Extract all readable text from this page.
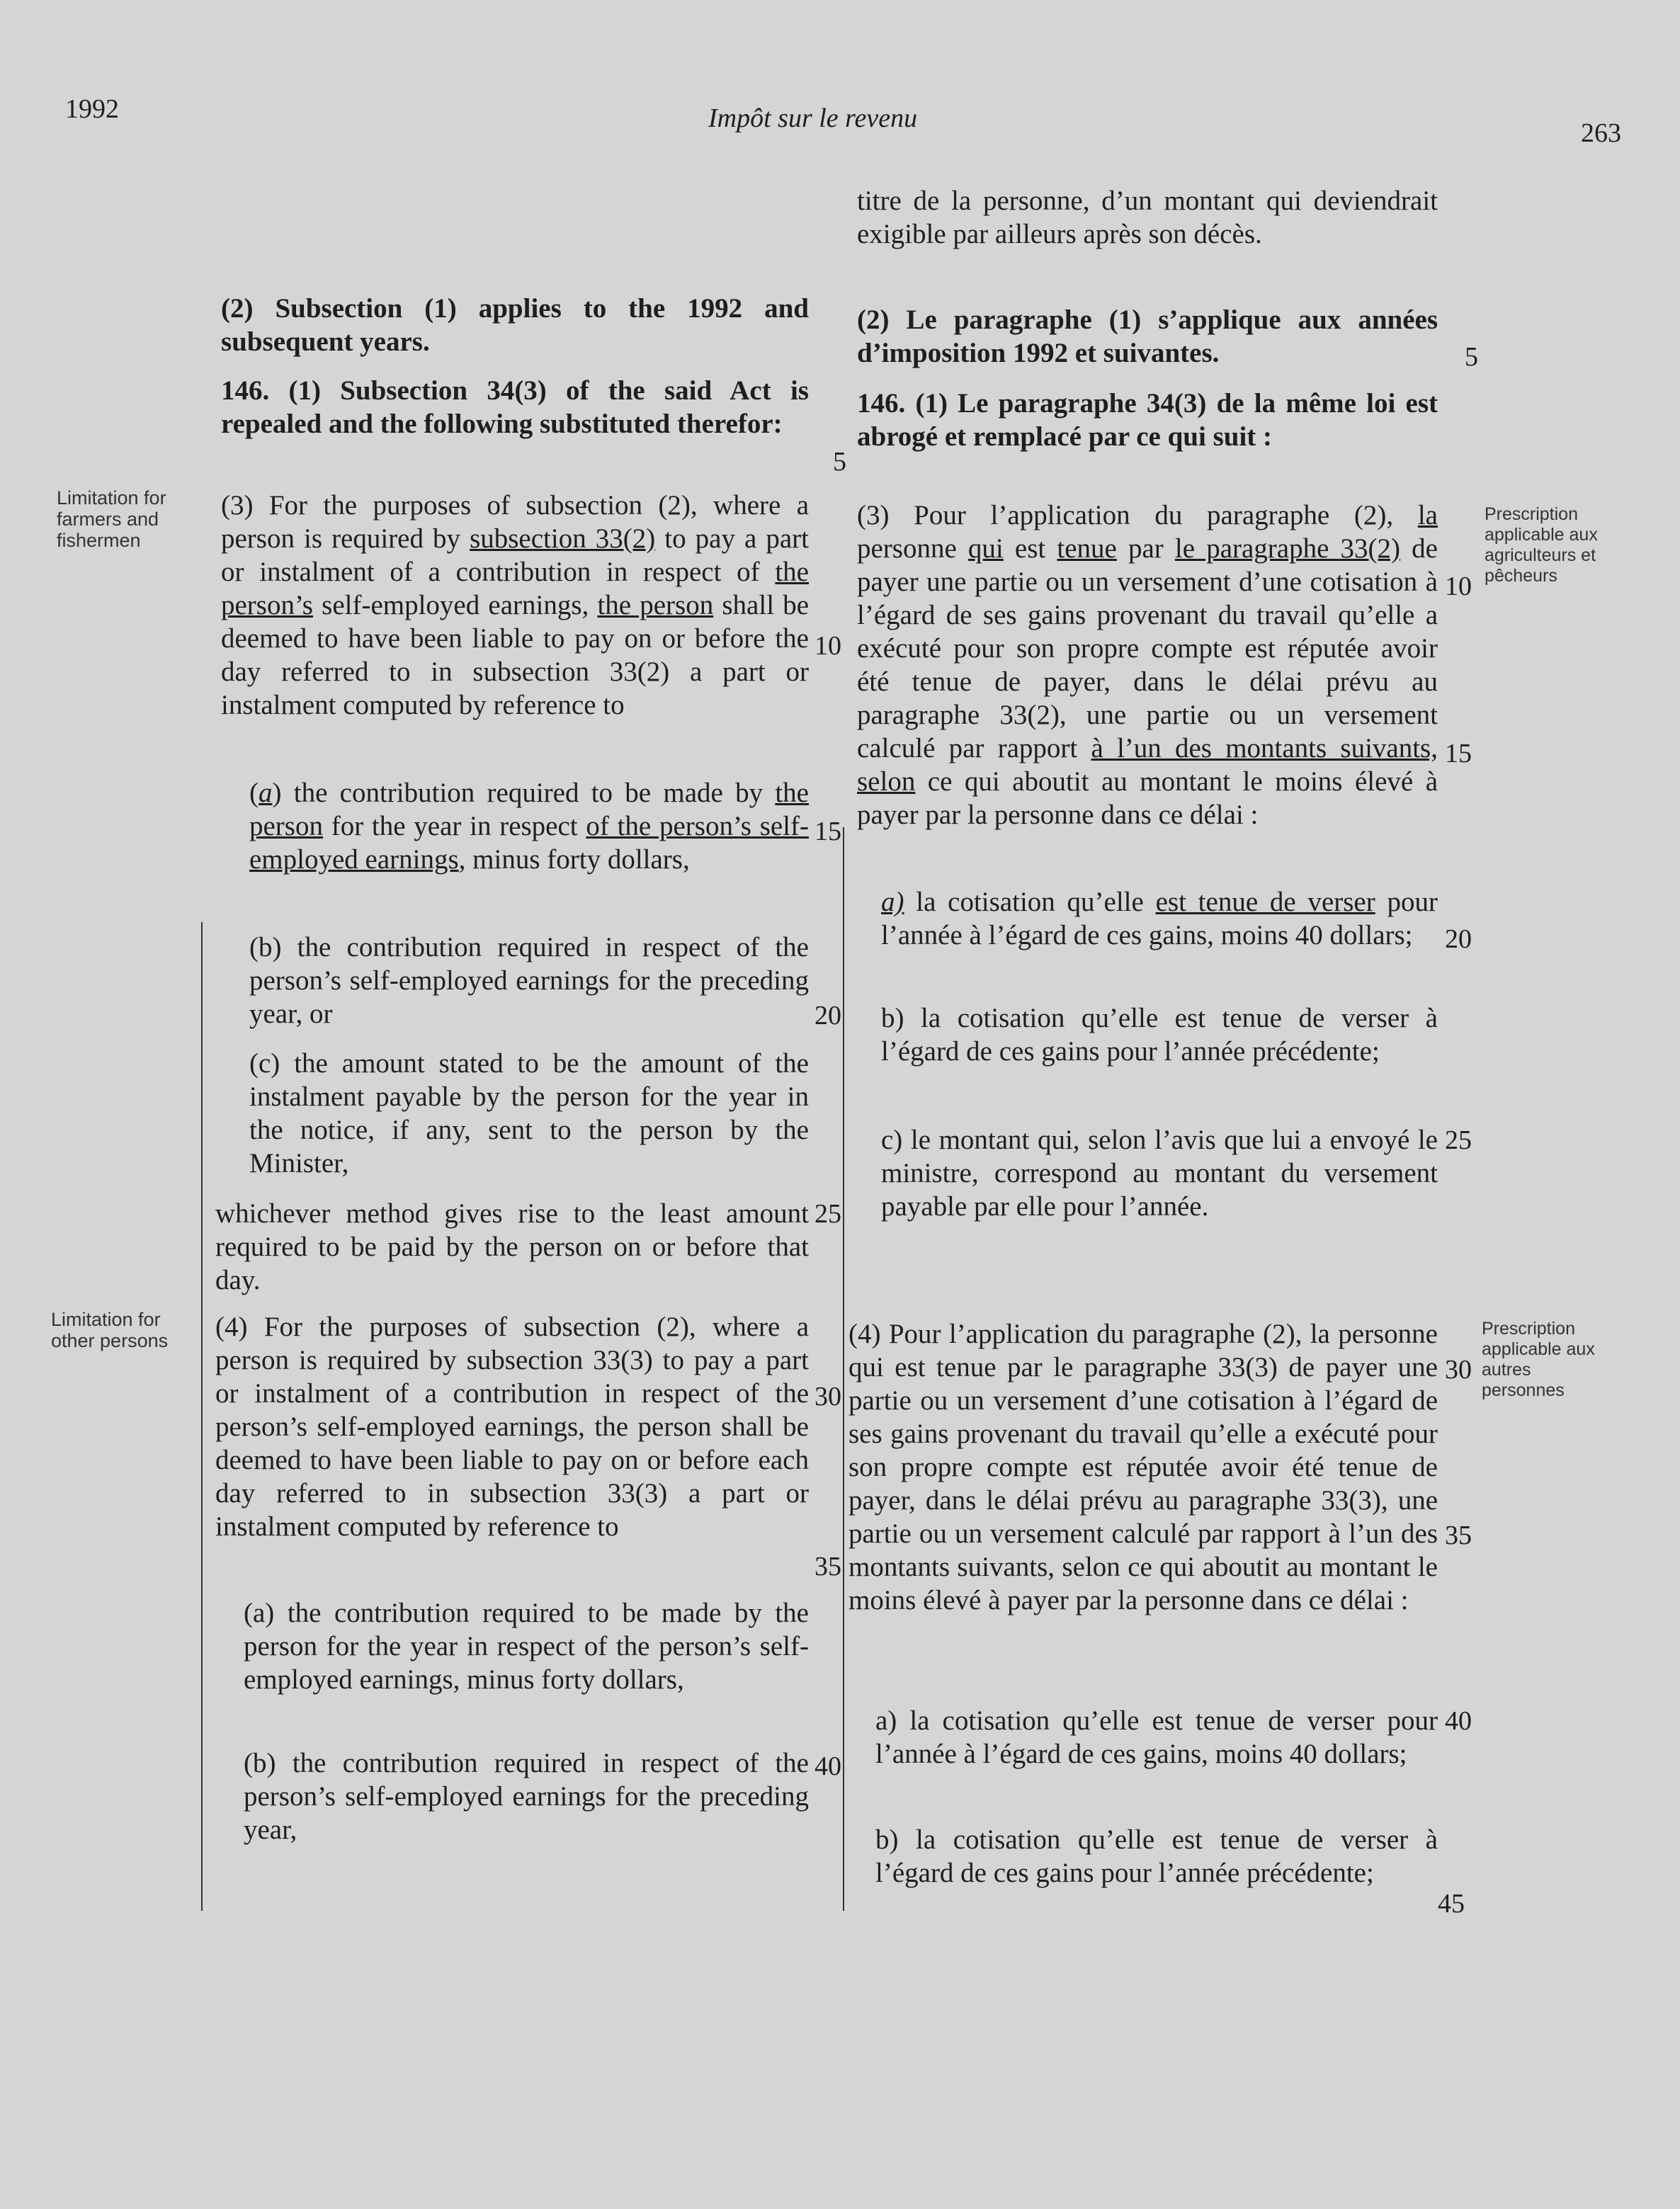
1992	Impôt sur le revenu	263
Limitation for
farmers and
fishermen
Limitation for
other persons
Prescription
applicable aux
agriculteurs et
pêcheurs
Prescription
applicable aux
autres
personnes
(2) Subsection (1) applies to the 1992 and subsequent years.
146. (1) Subsection 34(3) of the said Act is repealed and the following substituted therefor:
(3) For the purposes of subsection (2), where a person is required by subsection 33(2) to pay a part or instalment of a contribution in respect of the person’s self-employed earnings, the person shall be deemed to have been liable to pay on or before the day referred to in subsection 33(2) a part or instalment computed by reference to
(a) the contribution required to be made by the person for the year in respect of the person’s self-employed earnings, minus forty dollars,
(b) the contribution required in respect of the person’s self-employed earnings for the preceding year, or
(c) the amount stated to be the amount of the instalment payable by the person for the year in the notice, if any, sent to the person by the Minister,
whichever method gives rise to the least amount required to be paid by the person on or before that day.
(4) For the purposes of subsection (2), where a person is required by subsection 33(3) to pay a part or instalment of a contribution in respect of the person’s self-employed earnings, the person shall be deemed to have been liable to pay on or before each day referred to in subsection 33(3) a part or instalment computed by reference to
(a) the contribution required to be made by the person for the year in respect of the person’s self-employed earnings, minus forty dollars,
(b) the contribution required in respect of the person’s self-employed earnings for the preceding year,
5
10
15
20
25
30
35
40
titre de la personne, d’un montant qui deviendrait exigible par ailleurs après son décès.
(2) Le paragraphe (1) s’applique aux années d’imposition 1992 et suivantes.
146. (1) Le paragraphe 34(3) de la même loi est abrogé et remplacé par ce qui suit :
(3) Pour l’application du paragraphe (2), la personne qui est tenue par le paragraphe 33(2) de payer une partie ou un versement d’une cotisation à l’égard de ses gains provenant du travail qu’elle a exécuté pour son propre compte est réputée avoir été tenue de payer, dans le délai prévu au paragraphe 33(2), une partie ou un versement calculé par rapport à l’un des montants suivants, selon ce qui aboutit au montant le moins élevé à payer par la personne dans ce délai :
a) la cotisation qu’elle est tenue de verser pour l’année à l’égard de ces gains, moins 40 dollars;
b) la cotisation qu’elle est tenue de verser à l’égard de ces gains pour l’année précédente;
c) le montant qui, selon l’avis que lui a envoyé le ministre, correspond au montant du versement payable par elle pour l’année.
(4) Pour l’application du paragraphe (2), la personne qui est tenue par le paragraphe 33(3) de payer une partie ou un versement d’une cotisation à l’égard de ses gains provenant du travail qu’elle a exécuté pour son propre compte est réputée avoir été tenue de payer, dans le délai prévu au paragraphe 33(3), une partie ou un versement calculé par rapport à l’un des montants suivants, selon ce qui aboutit au montant le moins élevé à payer par la personne dans ce délai :
a) la cotisation qu’elle est tenue de verser pour l’année à l’égard de ces gains, moins 40 dollars;
b) la cotisation qu’elle est tenue de verser à l’égard de ces gains pour l’année précédente;
5
10
15
20
25
30
35
40
45
